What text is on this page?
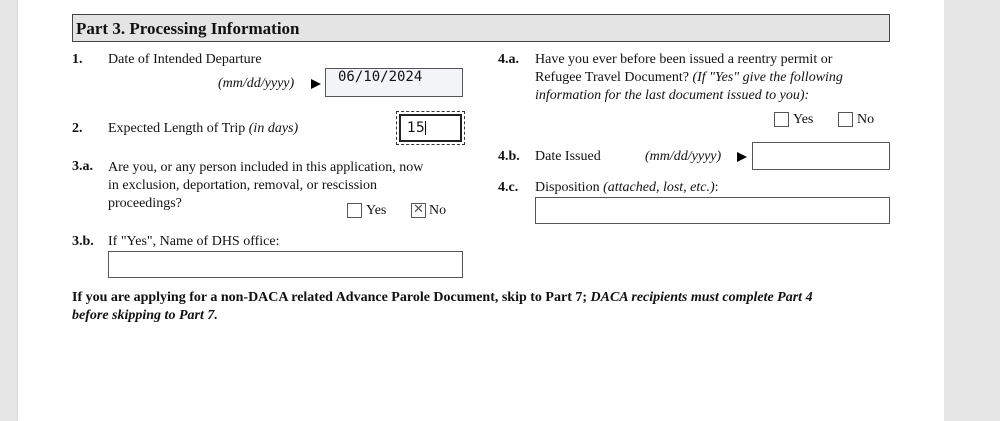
Part 3. Processing Information
1. Date of Intended Departure
(mm/dd/yyyy)	06/10/2024
2. Expected Length of Trip (in days)	15
3.a. Are you, or any person included in this application, now
in exclusion, deportation, removal, or rescission
proceedings?	Yes ✕ No
3.b. If "Yes", Name of DHS office:
4.a. Have you ever before been issued a reentry permit or
Refugee Travel Document? (If "Yes" give the following
information for the last document issued to you):
Yes	No
4.b. Date Issued	(mm/dd/yyyy)
4.c. Disposition (attached, lost, etc.):
If you are applying for a non-DACA related Advance Parole Document, skip to Part 7; DACA recipients must complete Part 4
before skipping to Part 7.
